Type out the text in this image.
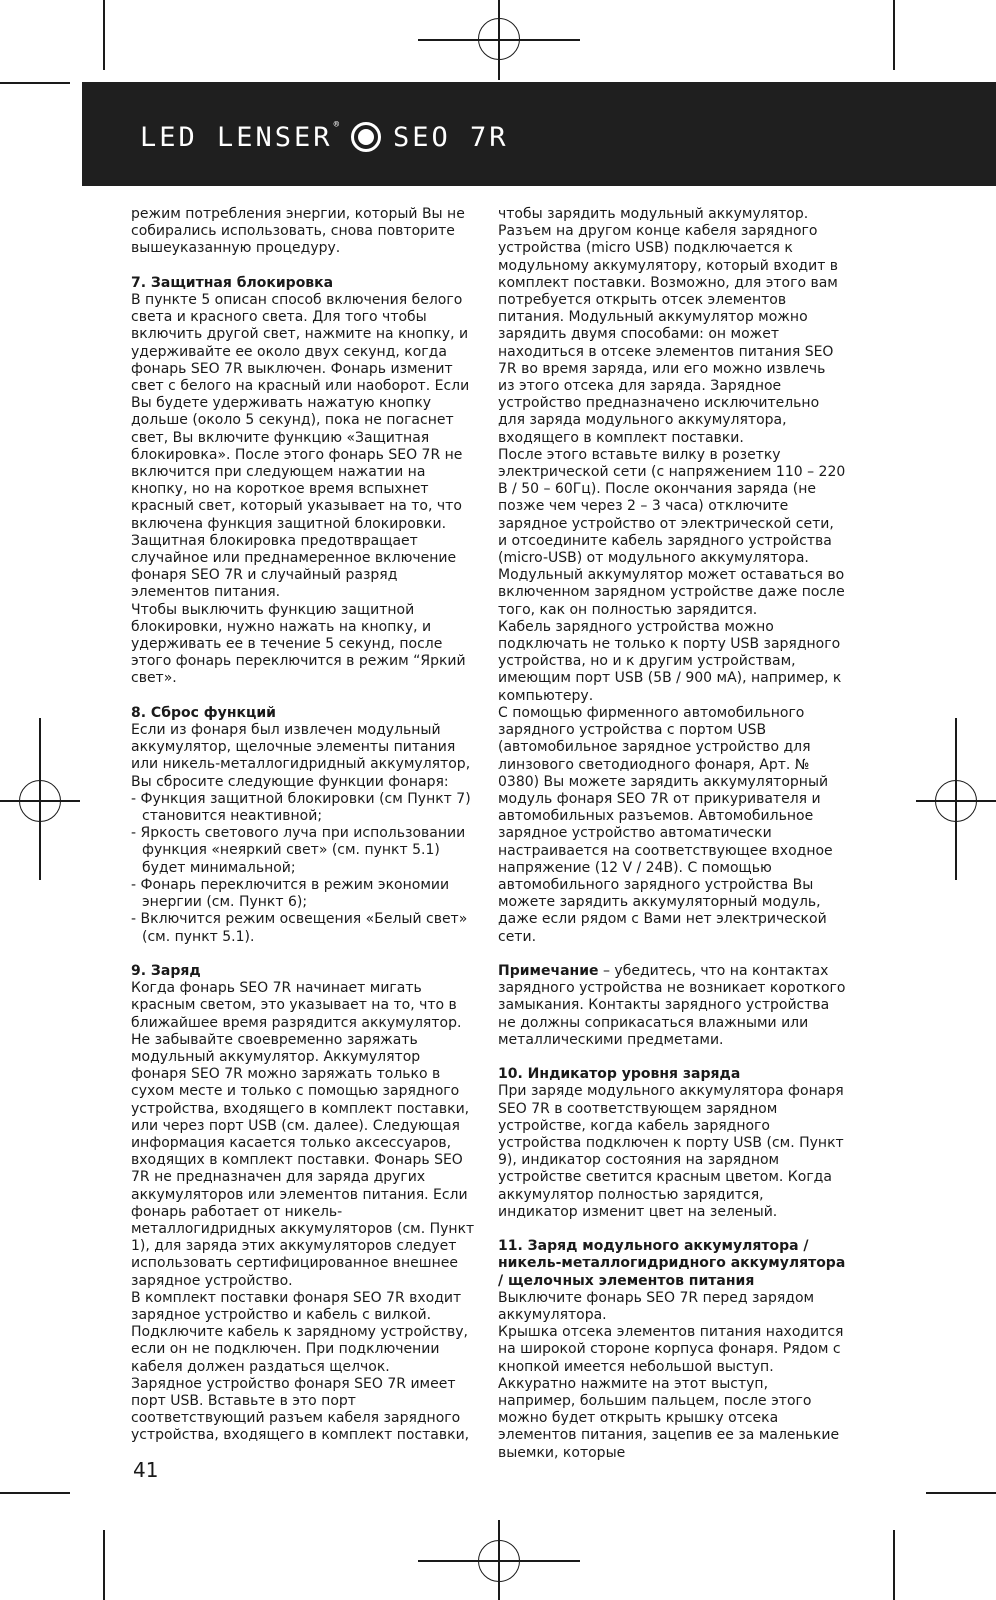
LED LENSER ® SEO 7R

режим потребления энергии, который Вы не собирались использовать, снова повторите вышеуказанную процедуру.

7. Защитная блокировка

В пункте 5 описан способ включения белого света и красного света. Для того чтобы включить другой свет, нажмите на кнопку, и удерживайте ее около двух секунд, когда фонарь SEO 7R выключен. Фонарь изменит свет с белого на красный или наоборот. Если Вы будете удерживать нажатую кнопку дольше (около 5 секунд), пока не погаснет свет, Вы включите функцию «Защитная блокировка». После этого фонарь SEO 7R не включится при следующем нажатии на кнопку, но на короткое время вспыхнет красный свет, который указывает на то, что включена функция защитной блокировки. Защитная блокировка предотвращает случайное или преднамеренное включение фонаря SEO 7R и случайный разряд элементов питания.

Чтобы выключить функцию защитной блокировки, нужно нажать на кнопку, и удерживать ее в течение 5 секунд, после этого фонарь переключится в режим “Яркий свет».

8. Сброс функций

Если из фонаря был извлечен модульный аккумулятор, щелочные элементы питания или никель-металлогидридный аккумулятор, Вы сбросите следующие функции фонаря:

- Функция защитной блокировки (см Пункт 7) становится неактивной;

- Яркость светового луча при использовании функция «неяркий свет» (см. пункт 5.1) будет минимальной;

- Фонарь переключится в режим экономии энергии (см. Пункт 6);

- Включится режим освещения «Белый свет» (см. пункт 5.1).

9. Заряд

Когда фонарь SEO 7R начинает мигать красным светом, это указывает на то, что в ближайшее время разрядится аккумулятор. Не забывайте своевременно заряжать модульный аккумулятор. Аккумулятор фонаря SEO 7R можно заряжать только в сухом месте и только с помощью зарядного устройства, входящего в комплект поставки, или через порт USB (см. далее). Следующая информация касается только аксессуаров, входящих в комплект поставки. Фонарь SEO 7R не предназначен для заряда других аккумуляторов или элементов питания. Если фонарь работает от никель-металлогидридных аккумуляторов (см. Пункт 1), для заряда этих аккумуляторов следует использовать сертифицированное внешнее зарядное устройство.

В комплект поставки фонаря SEO 7R входит зарядное устройство и кабель с вилкой. Подключите кабель к зарядному устройству, если он не подключен. При подключении кабеля должен раздаться щелчок.

Зарядное устройство фонаря SEO 7R имеет порт USB. Вставьте в это порт соответствующий разъем кабеля зарядного устройства, входящего в комплект поставки,

чтобы зарядить модульный аккумулятор. Разъем на другом конце кабеля зарядного устройства (micro USB) подключается к модульному аккумулятору, который входит в комплект поставки. Возможно, для этого вам потребуется открыть отсек элементов питания. Модульный аккумулятор можно зарядить двумя способами: он может находиться в отсеке элементов питания SEO 7R во время заряда, или его можно извлечь из этого отсека для заряда. Зарядное устройство предназначено исключительно для заряда модульного аккумулятора, входящего в комплект поставки.

После этого вставьте вилку в розетку электрической сети (с напряжением 110 – 220 В / 50 – 60Гц). После окончания заряда (не позже чем через 2 – 3 часа) отключите зарядное устройство от электрической сети, и отсоедините кабель зарядного устройства (micro-USB) от модульного аккумулятора. Модульный аккумулятор может оставаться во включенном зарядном устройстве даже после того, как он полностью зарядится.

Кабель зарядного устройства можно подключать не только к порту USB зарядного устройства, но и к другим устройствам, имеющим порт USB (5В / 900 мА), например, к компьютеру.

С помощью фирменного автомобильного зарядного устройства с портом USB (автомобильное зарядное устройство для линзового светодиодного фонаря, Арт. № 0380) Вы можете зарядить аккумуляторный модуль фонаря SEO 7R от прикуривателя и автомобильных разъемов. Автомобильное зарядное устройство автоматически настраивается на соответствующее входное напряжение (12 V / 24В). С помощью автомобильного зарядного устройства Вы можете зарядить аккумуляторный модуль, даже если рядом с Вами нет электрической сети.

Примечание – убедитесь, что на контактах зарядного устройства не возникает короткого замыкания. Контакты зарядного устройства не должны соприкасаться влажными или металлическими предметами.

10. Индикатор уровня заряда

При заряде модульного аккумулятора фонаря SEO 7R в соответствующем зарядном устройстве, когда кабель зарядного устройства подключен к порту USB (см. Пункт 9), индикатор состояния на зарядном устройстве светится красным цветом. Когда аккумулятор полностью зарядится, индикатор изменит цвет на зеленый.

11. Заряд модульного аккумулятора / никель-металлогидридного аккумулятора / щелочных элементов питания

Выключите фонарь SEO 7R перед зарядом аккумулятора.

Крышка отсека элементов питания находится на широкой стороне корпуса фонаря. Рядом с кнопкой имеется небольшой выступ. Аккуратно нажмите на этот выступ, например, большим пальцем, после этого можно будет открыть крышку отсека элементов питания, зацепив ее за маленькие выемки, которые

41
